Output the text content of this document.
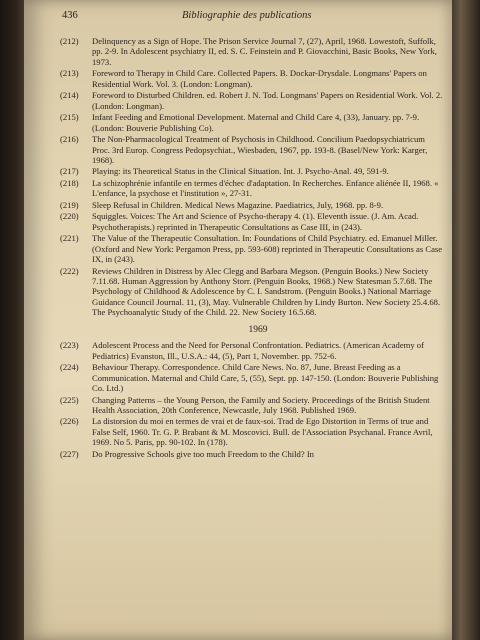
436	Bibliographie des publications
(212) Delinquency as a Sign of Hope. The Prison Service Journal 7, (27), April, 1968. Lowestoft, Suffolk, pp. 2-9. In Adolescent psychiatry II, ed. S. C. Feinstein and P. Giovacchini, Basic Books, New York, 1973.
(213) Foreword to Therapy in Child Care. Collected Papers. B. Dockar-Drysdale. Longmans' Papers on Residential Work. Vol. 3. (London: Longman).
(214) Foreword to Disturbed Children. ed. Robert J. N. Tod. Longmans' Papers on Residential Work. Vol. 2. (London: Longman).
(215) Infant Feeding and Emotional Development. Maternal and Child Care 4, (33), January. pp. 7-9. (London: Bouverie Publishing Co).
(216) The Non-Pharmacological Treatment of Psychosis in Childhood. Concilium Paedopsychiatricum Proc. 3rd Europ. Congress Pedopsychiat., Wiesbaden, 1967, pp. 193-8. (Basel/New York: Karger, 1968).
(217) Playing: its Theoretical Status in the Clinical Situation. Int. J. Psycho-Anal. 49, 591-9.
(218) La schizophrénie infantile en termes d'échec d'adaptation. In Recherches. Enfance aliénée II, 1968. « L'enfance, la psychose et l'institution », 27-31.
(219) Sleep Refusal in Children. Medical News Magazine. Paediatrics, July, 1968. pp. 8-9.
(220) Squiggles. Voices: The Art and Science of Psycho-therapy 4. (1). Eleventh issue. (J. Am. Acad. Psychotherapists.) reprinted in Therapeutic Consultations as Case III, in (243).
(221) The Value of the Therapeutic Consultation. In: Foundations of Child Psychiatry. ed. Emanuel Miller. (Oxford and New York: Pergamon Press, pp. 593-608) reprinted in Therapeutic Consultations as Case IX, in (243).
(222) Reviews Children in Distress by Alec Clegg and Barbara Megson. (Penguin Books.) New Society 7.11.68. Human Aggression by Anthony Storr. (Penguin Books, 1968.) New Statesman 5.7.68. The Psychology of Childhood & Adolescence by C. I. Sandstrom. (Penguin Books.) National Marriage Guidance Council Journal. 11, (3), May. Vulnerable Children by Lindy Burton. New Society 25.4.68. The Psychoanalytic Study of the Child. 22. New Society 16.5.68.
1969
(223) Adolescent Process and the Need for Personal Confrontation. Pediatrics. (American Academy of Pediatrics) Evanston, Ill., U.S.A.: 44, (5), Part 1, November. pp. 752-6.
(224) Behaviour Therapy. Correspondence. Child Care News. No. 87, June. Breast Feeding as a Communication. Maternal and Child Care, 5, (55), Sept. pp. 147-150. (London: Bouverie Publishing Co. Ltd.)
(225) Changing Patterns – the Young Person, the Family and Society. Proceedings of the British Student Health Association, 20th Conference, Newcastle, July 1968. Published 1969.
(226) La distorsion du moi en termes de vrai et de faux-soi. Trad de Ego Distortion in Terms of true and False Self, 1960. Tr. G. P. Brabant & M. Moscovici. Bull. de l'Association Psychanal. France Avril, 1969. No 5. Paris, pp. 90-102. In (178).
(227) Do Progressive Schools give too much Freedom to the Child? In
